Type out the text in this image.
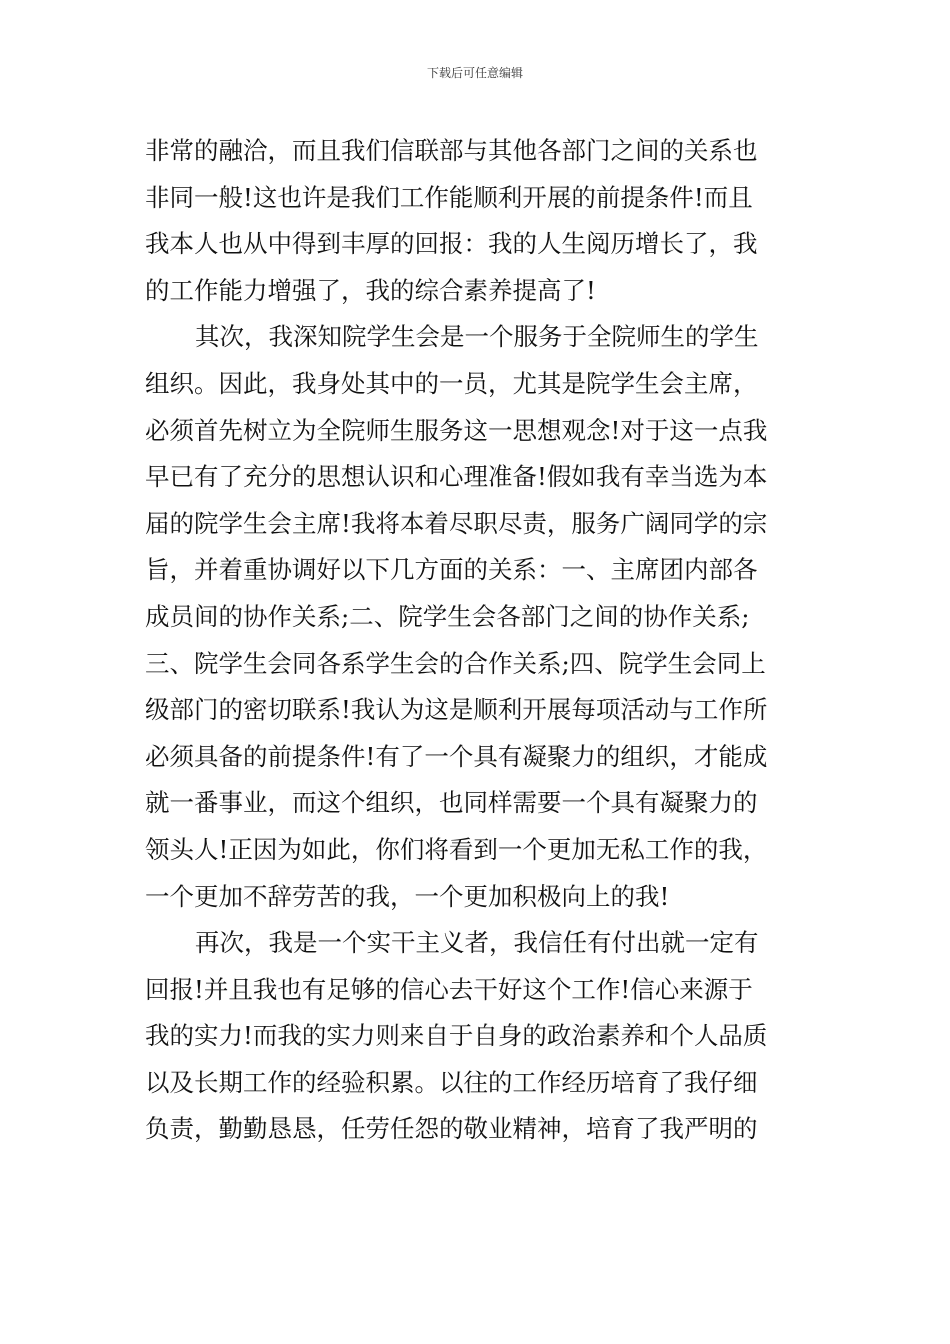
下载后可任意编辑
非常的融洽，而且我们信联部与其他各部门之间的关系也
非同一般!这也许是我们工作能顺利开展的前提条件!而且
我本人也从中得到丰厚的回报：我的人生阅历增长了，我
的工作能力增强了，我的综合素养提高了!
其次，我深知院学生会是一个服务于全院师生的学生
组织。因此，我身处其中的一员，尤其是院学生会主席，
必须首先树立为全院师生服务这一思想观念!对于这一点我
早已有了充分的思想认识和心理准备!假如我有幸当选为本
届的院学生会主席!我将本着尽职尽责，服务广阔同学的宗
旨，并着重协调好以下几方面的关系：一、主席团内部各
成员间的协作关系;二、院学生会各部门之间的协作关系;
三、院学生会同各系学生会的合作关系;四、院学生会同上
级部门的密切联系!我认为这是顺利开展每项活动与工作所
必须具备的前提条件!有了一个具有凝聚力的组织，才能成
就一番事业，而这个组织，也同样需要一个具有凝聚力的
领头人!正因为如此，你们将看到一个更加无私工作的我，
一个更加不辞劳苦的我，一个更加积极向上的我!
再次，我是一个实干主义者，我信任有付出就一定有
回报!并且我也有足够的信心去干好这个工作!信心来源于
我的实力!而我的实力则来自于自身的政治素养和个人品质
以及长期工作的经验积累。以往的工作经历培育了我仔细
负责，勤勤恳恳，任劳任怨的敬业精神，培育了我严明的
